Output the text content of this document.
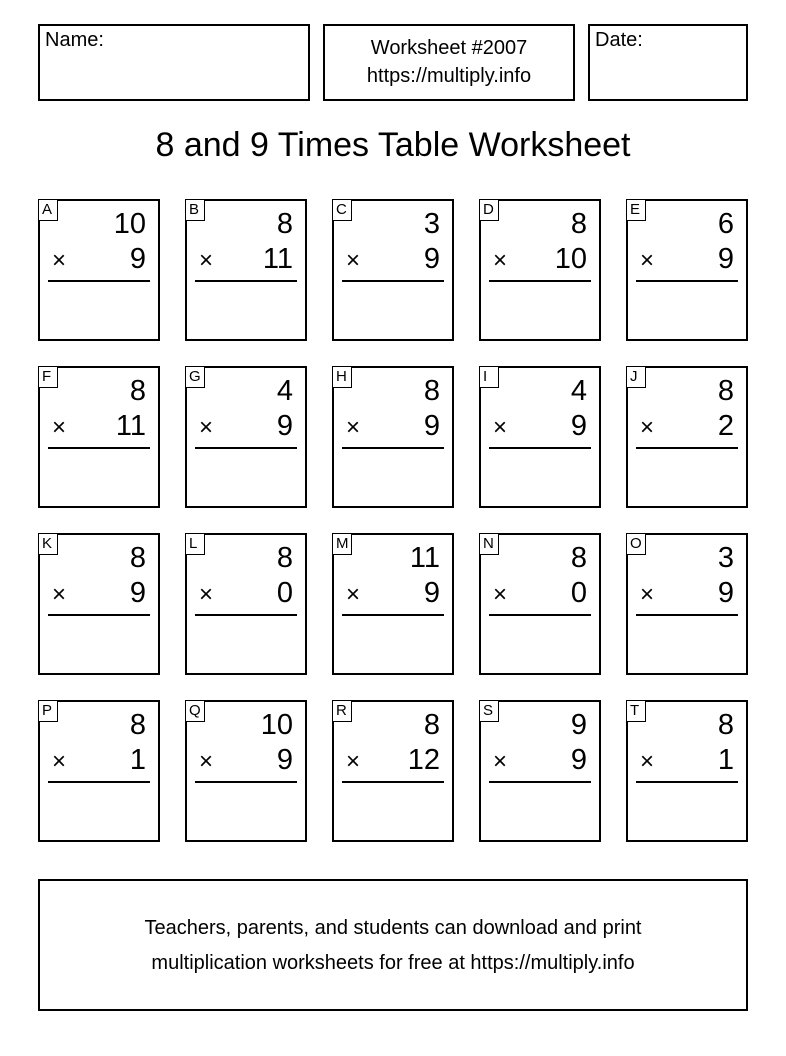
Name:	Worksheet #2007
https://multiply.info
Date:
8 and 9 Times Table Worksheet
A 10
× 9
B	8
× 11
C	3
× 9
D	8
× 10
E	6
× 9
F	8
× 11
G	4
× 9
H	8
× 9
I	4
× 9
J	8
× 2
K	8
× 9
L	8
× 0
M 11
× 9
N	8
× 0
O	3
× 9
P	8
× 1
Q 10
× 9
R	8
× 12
S	9
× 9
T	8
× 1
Teachers, parents, and students can download and print
multiplication worksheets for free at https://multiply.info
